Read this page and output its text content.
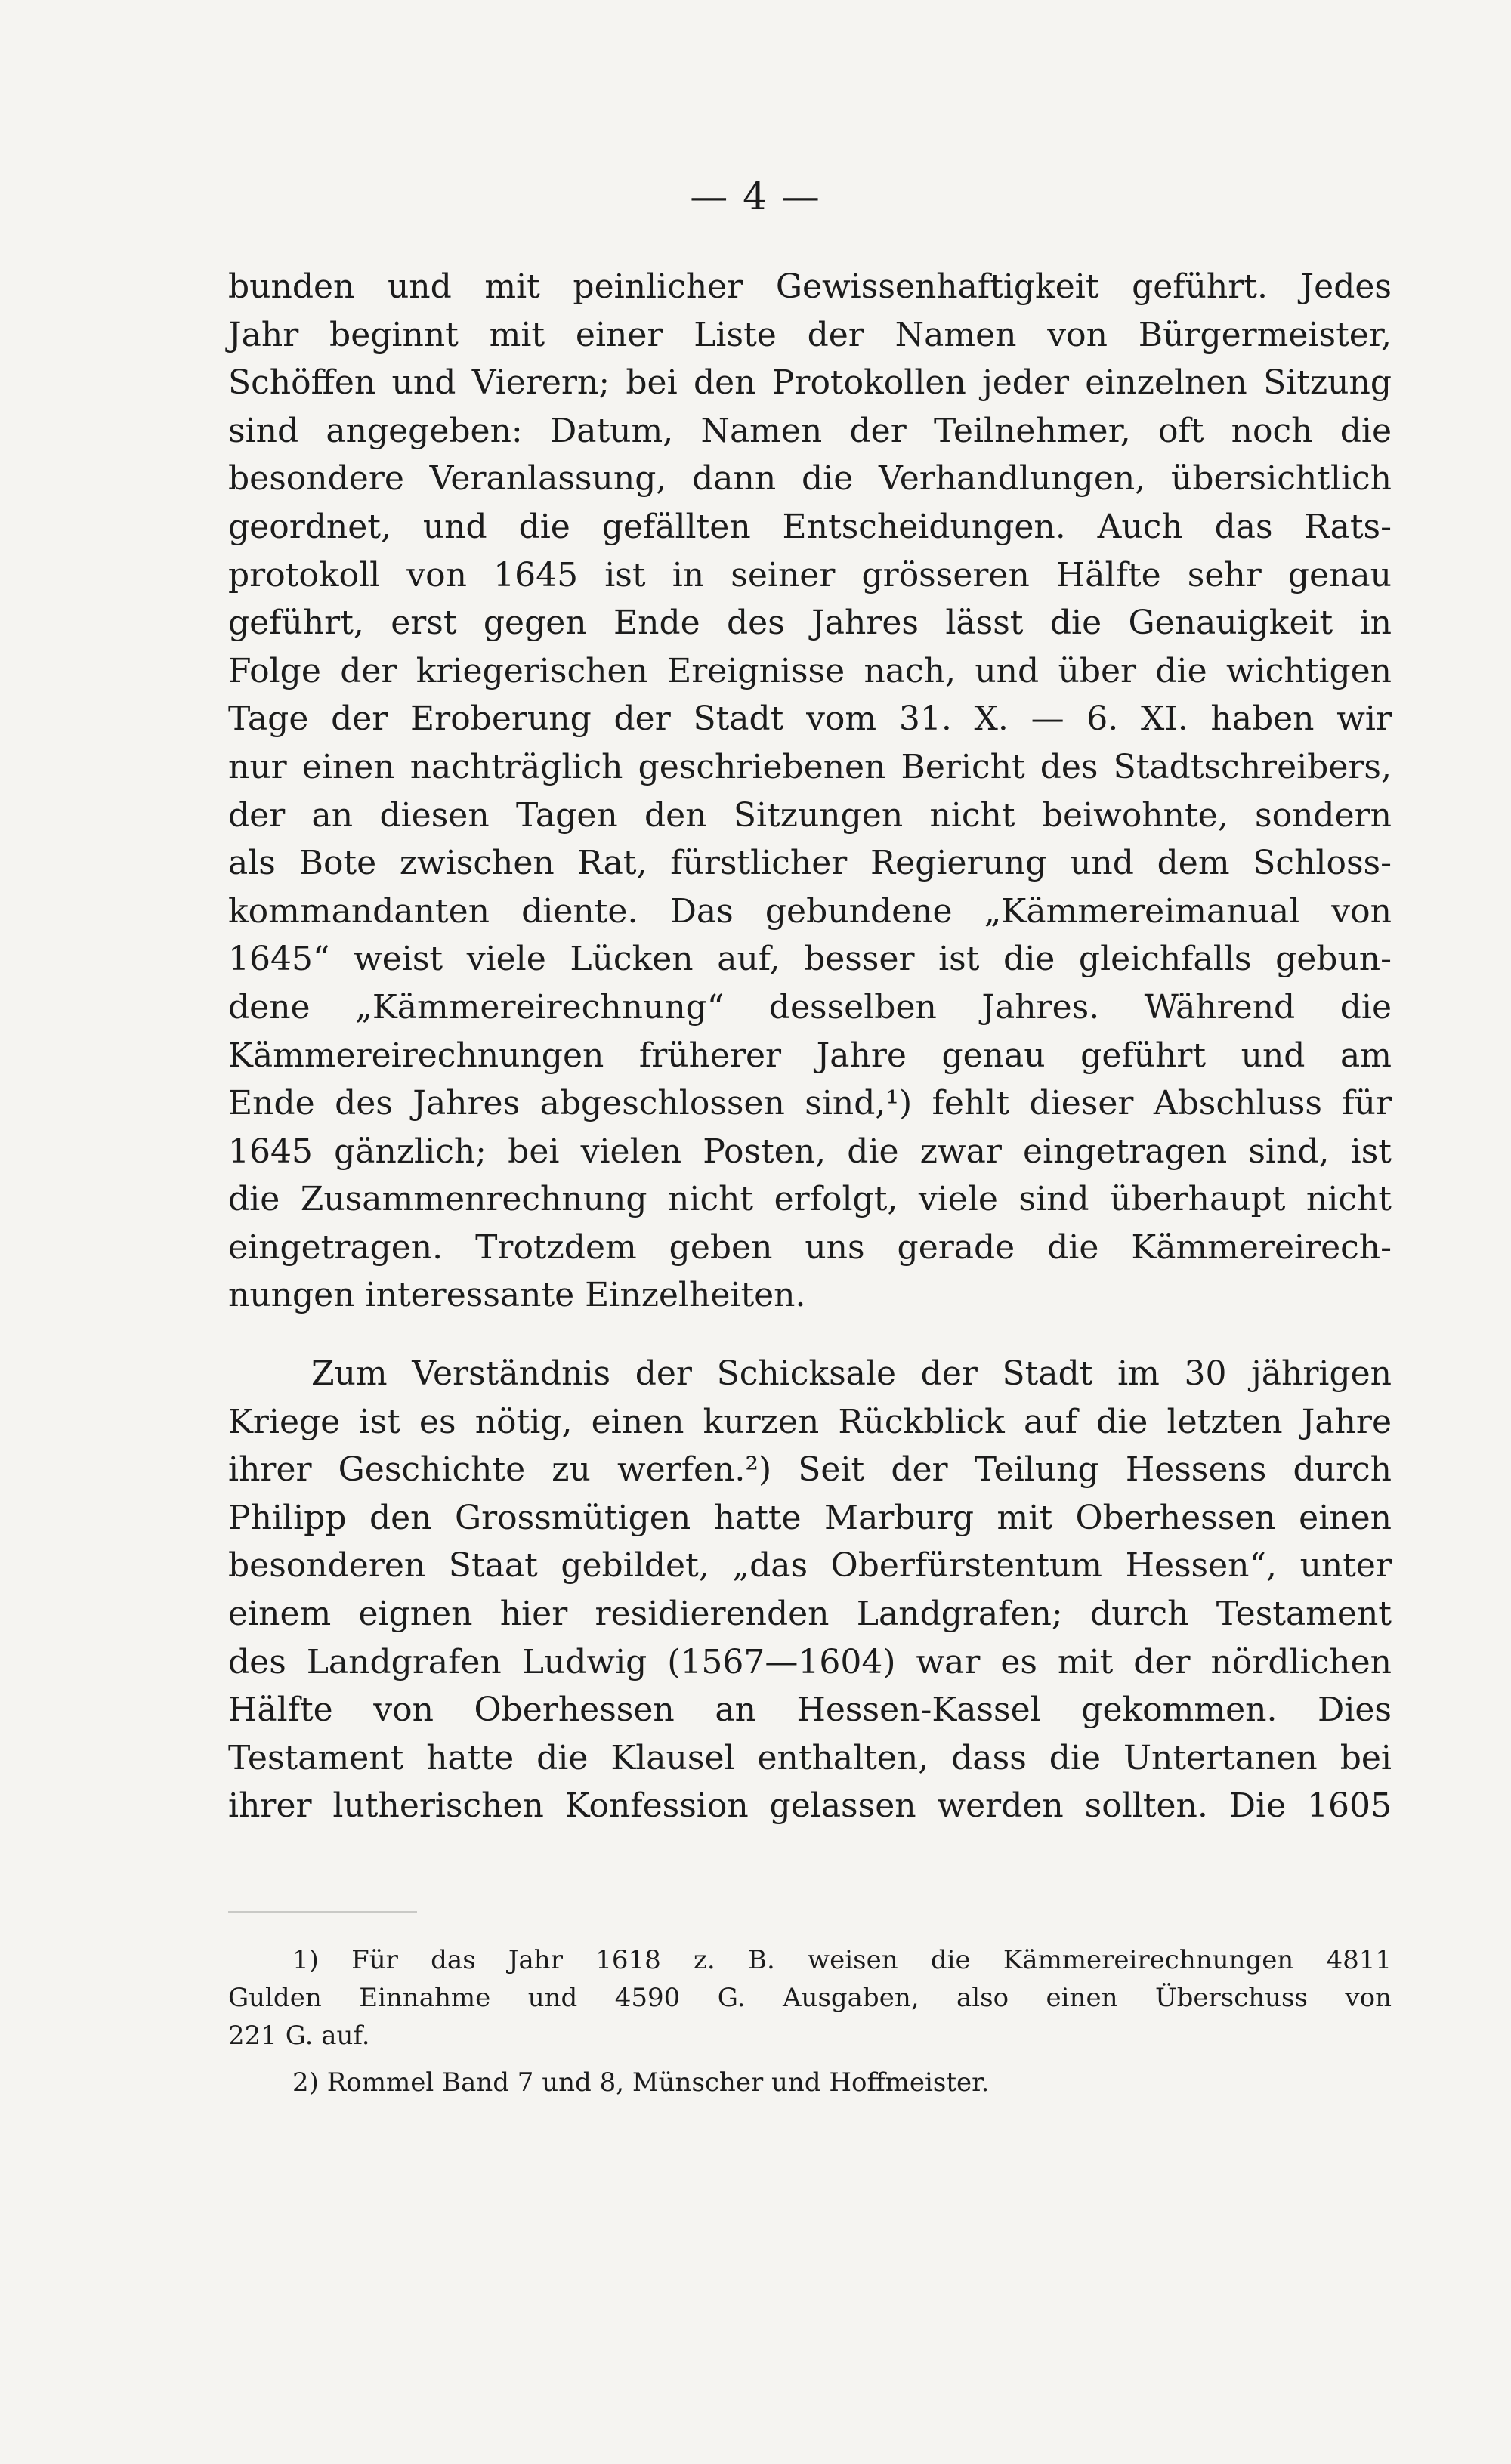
— 4 —
bunden und mit peinlicher Gewissenhaftigkeit geführt. Jedes
Jahr beginnt mit einer Liste der Namen von Bürgermeister,
Schöffen und Vierern; bei den Protokollen jeder einzelnen Sitzung
sind angegeben: Datum, Namen der Teilnehmer, oft noch die
besondere Veranlassung, dann die Verhandlungen, übersichtlich
geordnet, und die gefällten Entscheidungen. Auch das Rats-
protokoll von 1645 ist in seiner grösseren Hälfte sehr genau
geführt, erst gegen Ende des Jahres lässt die Genauigkeit in
Folge der kriegerischen Ereignisse nach, und über die wichtigen
Tage der Eroberung der Stadt vom 31. X. — 6. XI. haben wir
nur einen nachträglich geschriebenen Bericht des Stadtschreibers,
der an diesen Tagen den Sitzungen nicht beiwohnte, sondern
als Bote zwischen Rat, fürstlicher Regierung und dem Schloss-
kommandanten diente. Das gebundene „Kämmereimanual von
1645“ weist viele Lücken auf, besser ist die gleichfalls gebun-
dene „Kämmereirechnung“ desselben Jahres. Während die
Kämmereirechnungen früherer Jahre genau geführt und am
Ende des Jahres abgeschlossen sind,¹) fehlt dieser Abschluss für
1645 gänzlich; bei vielen Posten, die zwar eingetragen sind, ist
die Zusammenrechnung nicht erfolgt, viele sind überhaupt nicht
eingetragen. Trotzdem geben uns gerade die Kämmereirech-
nungen interessante Einzelheiten.
Zum Verständnis der Schicksale der Stadt im 30 jährigen
Kriege ist es nötig, einen kurzen Rückblick auf die letzten Jahre
ihrer Geschichte zu werfen.²) Seit der Teilung Hessens durch
Philipp den Grossmütigen hatte Marburg mit Oberhessen einen
besonderen Staat gebildet, „das Oberfürstentum Hessen“, unter
einem eignen hier residierenden Landgrafen; durch Testament
des Landgrafen Ludwig (1567—1604) war es mit der nördlichen
Hälfte von Oberhessen an Hessen-Kassel gekommen. Dies
Testament hatte die Klausel enthalten, dass die Untertanen bei
ihrer lutherischen Konfession gelassen werden sollten. Die 1605
1) Für das Jahr 1618 z. B. weisen die Kämmereirechnungen 4811
Gulden Einnahme und 4590 G. Ausgaben, also einen Überschuss von
221 G. auf.
2) Rommel Band 7 und 8, Münscher und Hoffmeister.
